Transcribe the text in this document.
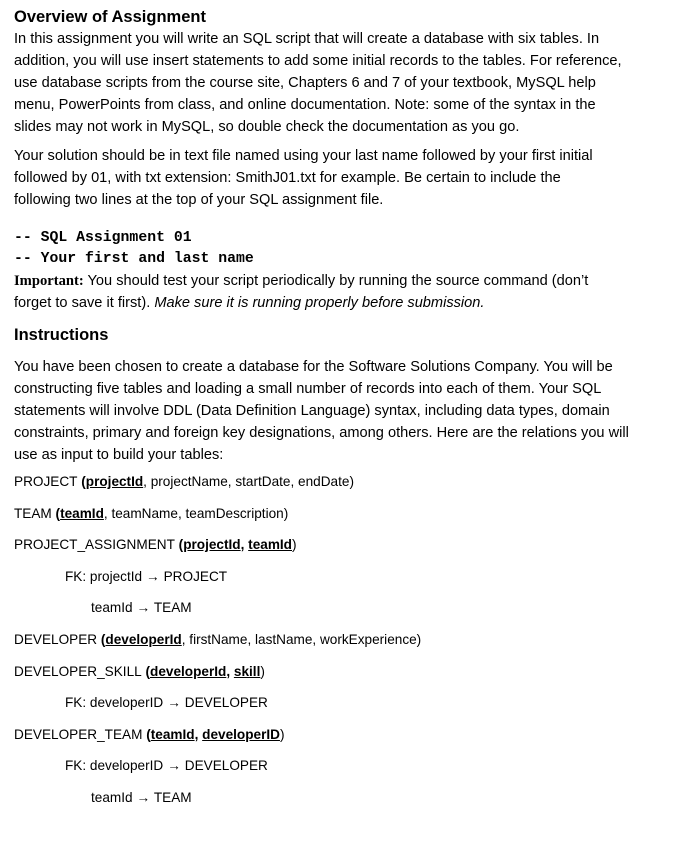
Overview of Assignment
In this assignment you will write an SQL script that will create a database with six tables. In
addition, you will use insert statements to add some initial records to the tables. For reference,
use database scripts from the course site, Chapters 6 and 7 of your textbook, MySQL help
menu, PowerPoints from class, and online documentation. Note: some of the syntax in the
slides may not work in MySQL, so double check the documentation as you go.
Your solution should be in text file named using your last name followed by your first initial
followed by 01, with txt extension: SmithJ01.txt for example. Be certain to include the
following two lines at the top of your SQL assignment file.
-- SQL Assignment 01
-- Your first and last name
Important: You should test your script periodically by running the source command (don’t
forget to save it first). Make sure it is running properly before submission.
Instructions
You have been chosen to create a database for the Software Solutions Company. You will be
constructing five tables and loading a small number of records into each of them. Your SQL
statements will involve DDL (Data Definition Language) syntax, including data types, domain
constraints, primary and foreign key designations, among others. Here are the relations you will
use as input to build your tables:
PROJECT (projectId, projectName, startDate, endDate)
TEAM (teamId, teamName, teamDescription)
PROJECT_ASSIGNMENT (projectId, teamId)
FK: projectId → PROJECT
teamId → TEAM
DEVELOPER (developerId, firstName, lastName, workExperience)
DEVELOPER_SKILL (developerId, skill)
FK: developerID → DEVELOPER
DEVELOPER_TEAM (teamId, developerID)
FK: developerID → DEVELOPER
teamId → TEAM
